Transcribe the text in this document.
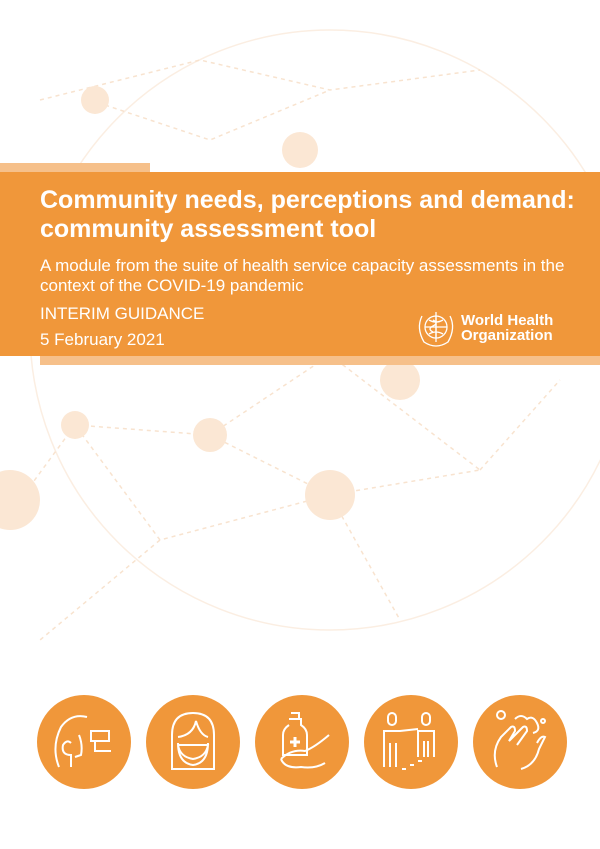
Community needs, perceptions and demand: community assessment tool
A module from the suite of health service capacity assessments in the context of the COVID-19 pandemic
INTERIM GUIDANCE
5 February 2021
World Health
Organization
